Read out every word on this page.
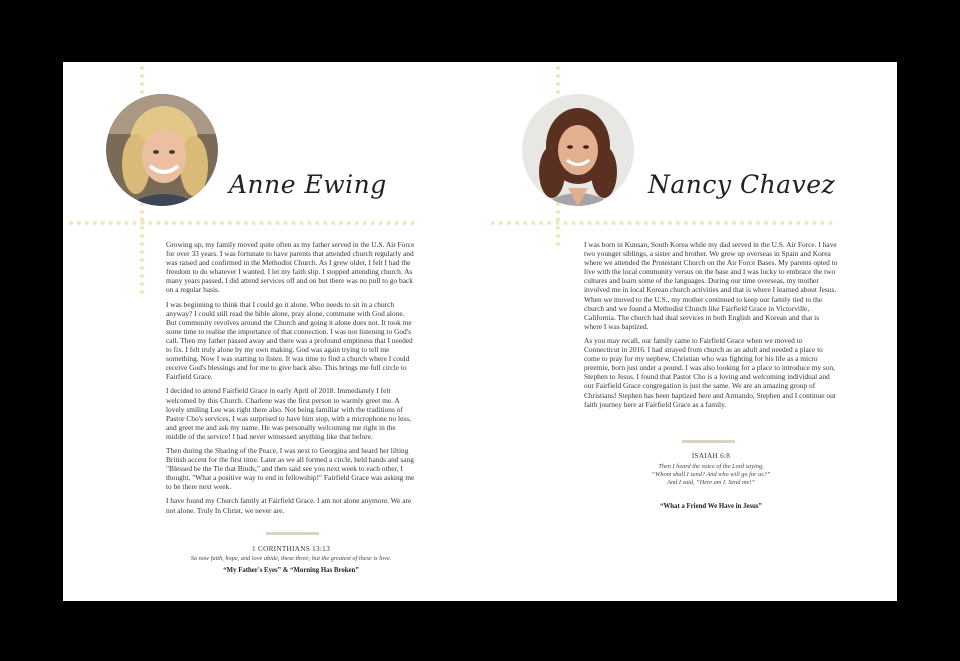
Anne Ewing

Growing up, my family moved quite often as my father served in the U.S. Air Force for over 33 years. I was fortunate to have parents that attended church regularly and was raised and confirmed in the Methodist Church. As I grew older, I felt I had the freedom to do whatever I wanted. I let my faith slip. I stopped attending church. As many years passed, I did attend services off and on but there was no pull to go back on a regular basis.

I was beginning to think that I could go it alone. Who needs to sit in a church anyway? I could still read the bible alone, pray alone, commune with God alone. But community revolves around the Church and going it alone does not. It took me some time to realise the importance of that connection. I was not listening to God's call. Then my father passed away and there was a profound emptiness that I needed to fix. I felt truly alone by my own making. God was again trying to tell me something. Now I was starting to listen. It was time to find a church where I could receive God's blessings and for me to give back also. This brings me full circle to Fairfield Grace.

I decided to attend Fairfield Grace in early April of 2018. Immediately I felt welcomed by this Church. Charlene was the first person to warmly greet me. A lovely smiling Lee was right there also. Not being familiar with the traditions of Pastor Cho's services, I was surprised to have him stop, with a microphone no less, and greet me and ask my name. He was personally welcoming me right in the middle of the service! I had never witnessed anything like that before.

Then during the Sharing of the Peace, I was next to Georgina and heard her lilting British accent for the first time. Later as we all formed a circle, held hands and sang "Blessed be the Tie that Binds," and then said see you next week to each other, I thought, "What a positive way to end in fellowship!" Fairfield Grace was asking me to be there next week.

I have found my Church family at Fairfield Grace. I am not alone anymore. We are not alone. Truly In Christ, we never are.

1 CORINTHIANS 13:13
So now faith, hope, and love abide, these three; but the greatest of these is love.
“My Father's Eyes” & “Morning Has Broken”
Nancy Chavez

I was born in Kunsan, South Korea while my dad served in the U.S. Air Force. I have two younger siblings, a sister and brother. We grew up overseas in Spain and Korea where we attended the Protestant Church on the Air Force Bases. My parents opted to live with the local community versus on the base and I was lucky to embrace the two cultures and learn some of the languages. During our time overseas, my mother involved me in local Korean church activities and that is where I learned about Jesus. When we moved to the U.S., my mother continued to keep our family tied to the church and we found a Methodist Church like Fairfield Grace in Victorville, California. The church had dual services in both English and Korean and that is where I was baptized.

As you may recall, our family came to Fairfield Grace when we moved to Connecticut in 2016. I had strayed from church as an adult and needed a place to come to pray for my nephew, Christian who was fighting for his life as a micro preemie, born just under a pound. I was also looking for a place to introduce my son, Stephen to Jesus. I found that Pastor Cho is a loving and welcoming individual and our Fairfield Grace congregation is just the same. We are an amazing group of Christians! Stephen has been baptized here and Armando, Stephen and I continue our faith journey here at Fairfield Grace as a family.

ISAIAH 6:8
Then I heard the voice of the Lord saying,
“Whom shall I send? And who will go for us?”
And I said, “Here am I. Send me!”
“What a Friend We Have in Jesus”
